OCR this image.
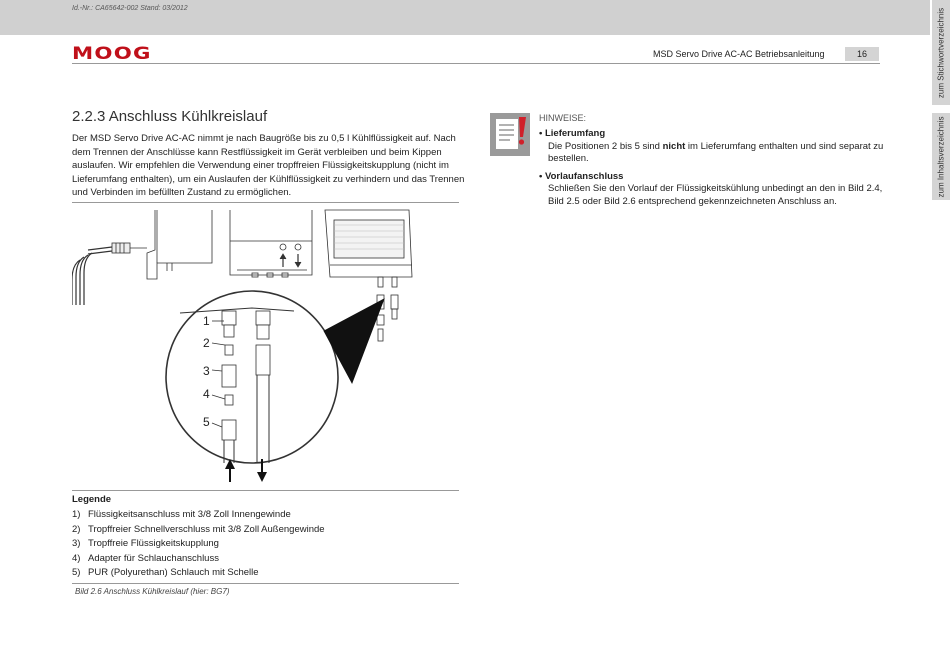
Id.-Nr.: CA65642-002 Stand: 03/2012	zum Stichwortverzeichnis
zum Inhaltsverzeichnis
MOOG	MSD Servo Drive AC-AC Betriebsanleitung	16
2.2.3 Anschluss Kühlkreislauf
Der MSD Servo Drive AC-AC nimmt je nach Baugröße bis zu 0,5 l Kühlflüssigkeit auf. Nach dem Trennen der Anschlüsse kann Restflüssigkeit im Gerät verbleiben und beim Kippen auslaufen. Wir empfehlen die Verwendung einer tropffreien Flüssigkeitskupplung (nicht im Lieferumfang enthalten), um ein Auslaufen der Kühlflüssigkeit zu verhindern und das Trennen und Verbinden im befüllten Zustand zu ermöglichen.
1
2
3
4
5
Legende
1) Flüssigkeitsanschluss mit 3/8 Zoll Innengewinde
2) Tropffreier Schnellverschluss mit 3/8 Zoll Außengewinde
3) Tropffreie Flüssigkeitskupplung
4) Adapter für Schlauchanschluss
5) PUR (Polyurethan) Schlauch mit Schelle
Bild 2.6 Anschluss Kühlkreislauf (hier: BG7)
HINWEISE:
• Lieferumfang
Die Positionen 2 bis 5 sind nicht im Lieferumfang enthalten und sind separat zu bestellen.
• Vorlaufanschluss
Schließen Sie den Vorlauf der Flüssigkeitskühlung unbedingt an den in Bild 2.4, Bild 2.5 oder Bild 2.6 entsprechend gekennzeichneten Anschluss an.
